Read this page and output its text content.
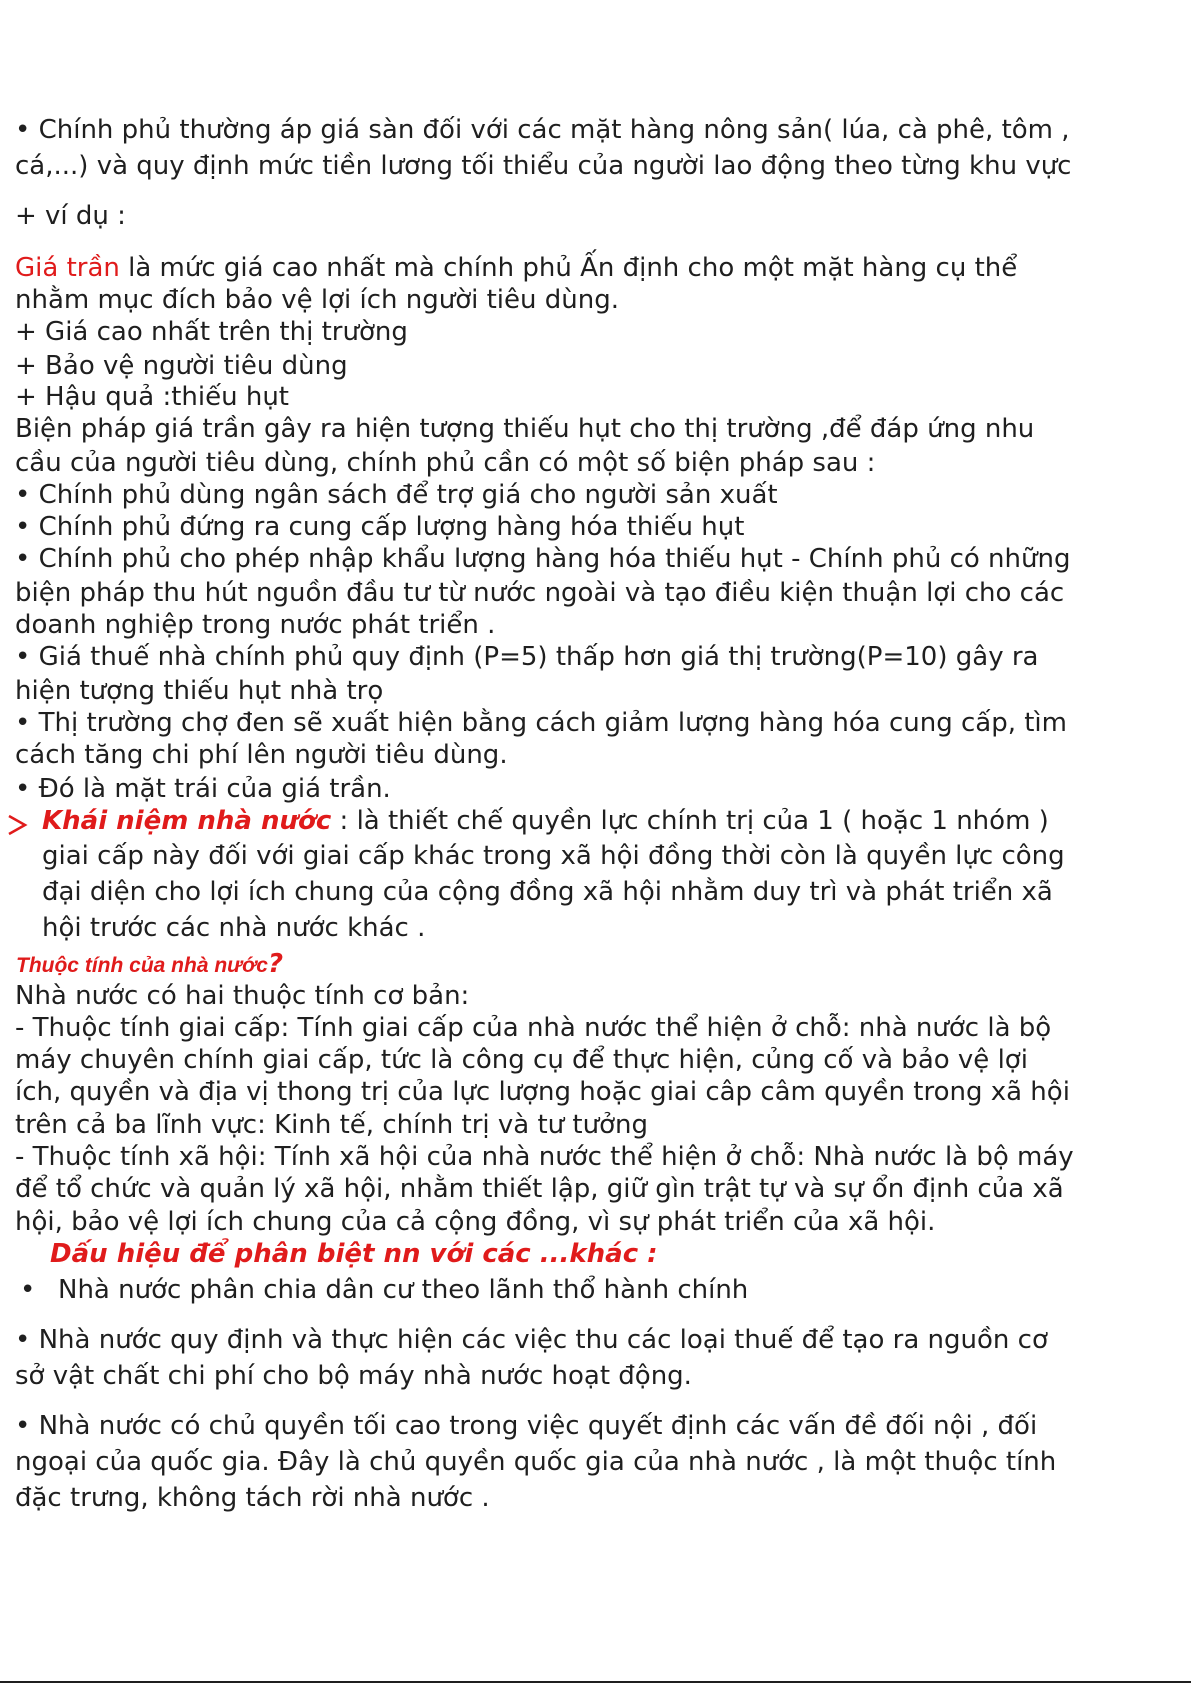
• Chính phủ thường áp giá sàn đối với các mặt hàng nông sản( lúa, cà phê, tôm ,
cá,...) và quy định mức tiền lương tối thiểu của người lao động theo từng khu vực
+ ví dụ :
Giá trần là mức giá cao nhất mà chính phủ Ấn định cho một mặt hàng cụ thể
nhằm mục đích bảo vệ lợi ích người tiêu dùng.
+ Giá cao nhất trên thị trường
+ Bảo vệ người tiêu dùng
+ Hậu quả :thiếu hụt
Biện pháp giá trần gây ra hiện tượng thiếu hụt cho thị trường ,để đáp ứng nhu
cầu của người tiêu dùng, chính phủ cần có một số biện pháp sau :
• Chính phủ dùng ngân sách để trợ giá cho người sản xuất
• Chính phủ đứng ra cung cấp lượng hàng hóa thiếu hụt
• Chính phủ cho phép nhập khẩu lượng hàng hóa thiếu hụt - Chính phủ có những
biện pháp thu hút nguồn đầu tư từ nước ngoài và tạo điều kiện thuận lợi cho các
doanh nghiệp trong nước phát triển .
• Giá thuế nhà chính phủ quy định (P=5) thấp hơn giá thị trường(P=10) gây ra
hiện tượng thiếu hụt nhà trọ
• Thị trường chợ đen sẽ xuất hiện bằng cách giảm lượng hàng hóa cung cấp, tìm
cách tăng chi phí lên người tiêu dùng.
• Đó là mặt trái của giá trần.
Khái niệm nhà nước : là thiết chế quyền lực chính trị của 1 ( hoặc 1 nhóm )
giai cấp này đối với giai cấp khác trong xã hội đồng thời còn là quyền lực công
đại diện cho lợi ích chung của cộng đồng xã hội nhằm duy trì và phát triển xã
hội trước các nhà nước khác .
Thuộc tính của nhà nước?
Nhà nước có hai thuộc tính cơ bản:
- Thuộc tính giai cấp: Tính giai cấp của nhà nước thể hiện ở chỗ: nhà nước là bộ
máy chuyên chính giai cấp, tức là công cụ để thực hiện, củng cố và bảo vệ lợi
ích, quyền và địa vị thong trị của lực lượng hoặc giai câp câm quyền trong xã hội
trên cả ba lĩnh vực: Kinh tế, chính trị và tư tưởng
- Thuộc tính xã hội: Tính xã hội của nhà nước thể hiện ở chỗ: Nhà nước là bộ máy
để tổ chức và quản lý xã hội, nhằm thiết lập, giữ gìn trật tự và sự ổn định của xã
hội, bảo vệ lợi ích chung của cả cộng đồng, vì sự phát triển của xã hội.
Dấu hiệu để phân biệt nn với các ...khác :
• Nhà nước phân chia dân cư theo lãnh thổ hành chính
• Nhà nước quy định và thực hiện các việc thu các loại thuế để tạo ra nguồn cơ
sở vật chất chi phí cho bộ máy nhà nước hoạt động.
• Nhà nước có chủ quyền tối cao trong việc quyết định các vấn đề đối nội , đối
ngoại của quốc gia. Đây là chủ quyền quốc gia của nhà nước , là một thuộc tính
đặc trưng, không tách rời nhà nước .
